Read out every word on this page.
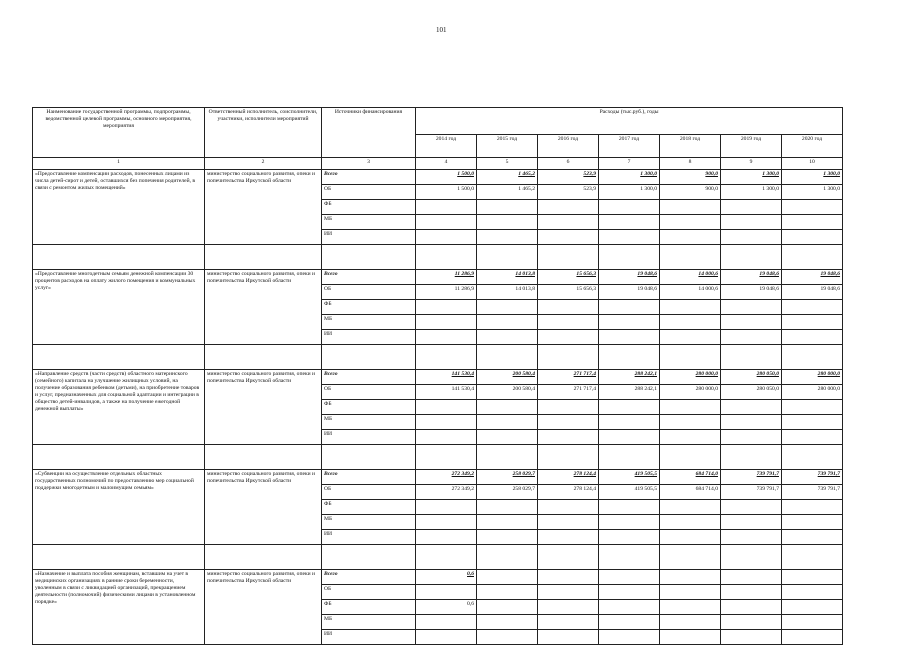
101
Наименование государственной программы, подпрограммы, ведомственной целевой программы, основного мероприятия, мероприятия	Ответственный исполнитель, соисполнители, участники, исполнители мероприятий	Источники финансирования	Расходы (тыс.руб.), годы						
			2014 год	2015 год	2016 год	2017 год	2018 год	2019 год	2020 год
1	2	3	4	5	6	7	8	9	10
«Предоставление компенсации расходов, понесенных лицами из числа детей-сирот и детей, оставшихся без попечения родителей, в связи с ремонтом жилых помещений»	министерство социального развития, опеки и попечительства Иркутской области	Всего	1 500,0	1 465,2	523,9	1 300,0	900,0	1 300,0	1 300,0
		ОБ	1 500,0	1 465,2	523,9	1 300,0	900,0	1 300,0	1 300,0
		ФБ							
		МБ							
		ИИ							

«Предоставление многодетным семьям денежной компенсации 30 процентов расходов на оплату жилого помещения и коммунальных услуг»	министерство социального развития, опеки и попечительства Иркутской области	Всего	11 286,9	14 013,8	15 656,3	19 048,6	14 000,6	19 048,6	19 048,6
		ОБ	11 286,9	14 013,8	15 656,3	19 048,6	14 000,6	19 048,6	19 048,6
		ФБ							
		МБ							
		ИИ							

«Направление средств (части средств) областного материнского (семейного) капитала на улучшение жилищных условий, на получение образования ребенком (детьми), на приобретение товаров и услуг, предназначенных для социальной адаптации и интеграции в общество детей-инвалидов, а также на получение ежегодной денежной выплаты»	министерство социального развития, опеки и попечительства Иркутской области	Всего	141 530,4	200 580,4	271 717,4	288 242,1	280 000,0	280 050,0	280 000,0
		ОБ	141 530,4	200 580,4	271 717,4	288 242,1	280 000,0	280 050,0	280 000,0
		ФБ							
		МБ							
		ИИ							

«Субвенции на осуществление отдельных областных государственных полномочий по предоставлению мер социальной поддержки многодетным и малоимущим семьям»	министерство социального развития, опеки и попечительства Иркутской области	Всего	272 349,2	258 029,7	278 124,4	419 505,5	684 714,0	739 791,7	739 791,7
		ОБ	272 349,2	258 029,7	278 124,4	419 505,5	684 714,0	739 791,7	739 791,7
		ФБ							
		МБ							
		ИИ							

«Назначение и выплата пособия женщинам, вставшим на учет в медицинских организациях в ранние сроки беременности, уволенным в связи с ликвидацией организаций, прекращением деятельности (полномочий) физическими лицами в установленном порядке»	министерство социального развития, опеки и попечительства Иркутской области	Всего	0,6						
		ОБ							
		ФБ	0,6						
		МБ							
		ИИ							
